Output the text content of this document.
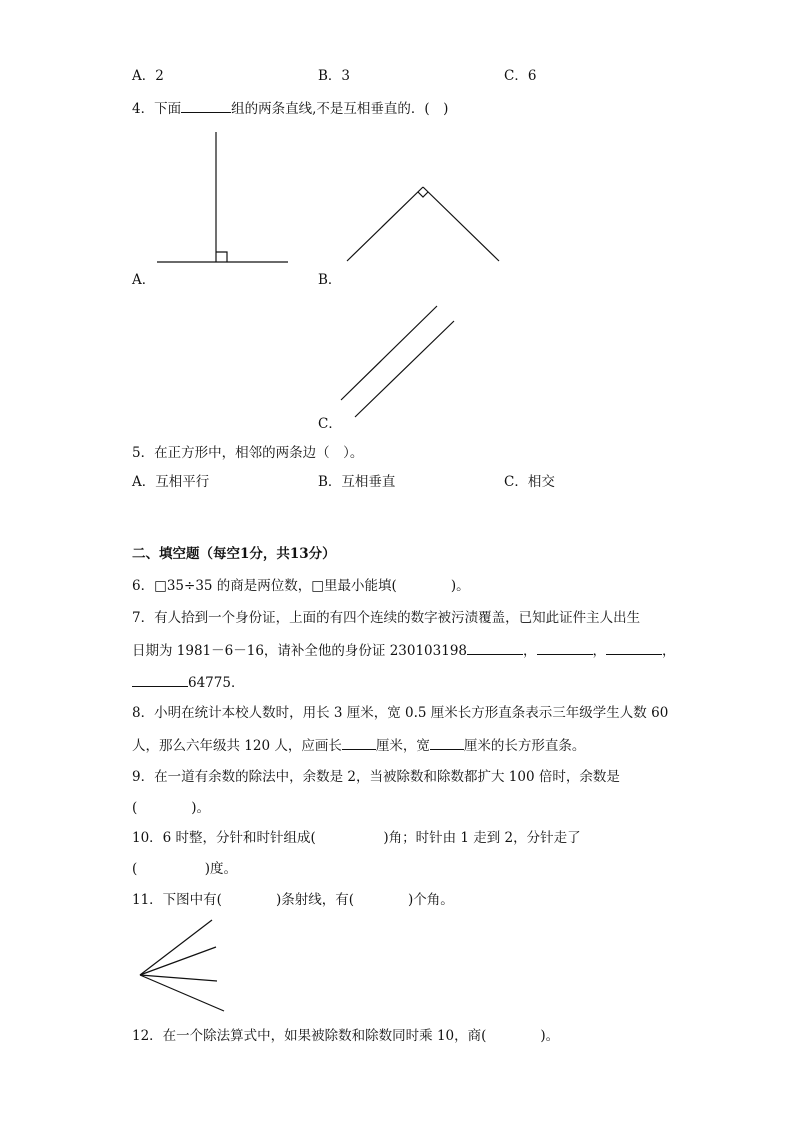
A．2	B．3	C．6
4．下面	组的两条直线,不是互相垂直的．(　)
A．	B．
C．
5．在正方形中，相邻的两条边（　）。
A．互相平行	B．互相垂直	C．相交
二、填空题（每空1分，共13分）
6．□35÷35 的商是两位数，□里最小能填(　　　　)。
7．有人拾到一个身份证，上面的有四个连续的数字被污渍覆盖，已知此证件主人出生
日期为 1981－6－16，请补全他的身份证 230103198	，	，	，
64775．
8．小明在统计本校人数时，用长 3 厘米，宽 0.5 厘米长方形直条表示三年级学生人数 60
人，那么六年级共 120 人，应画长	厘米，宽	厘米的长方形直条。
9．在一道有余数的除法中，余数是 2，当被除数和除数都扩大 100 倍时，余数是
(　　　　)。
10．6 时整，分针和时针组成(　　　　　)角；时针由 1 走到 2，分针走了
(　　　　　)度。
11．下图中有(　　　　)条射线，有(　　　　)个角。
12．在一个除法算式中，如果被除数和除数同时乘 10，商(　　　　)。
